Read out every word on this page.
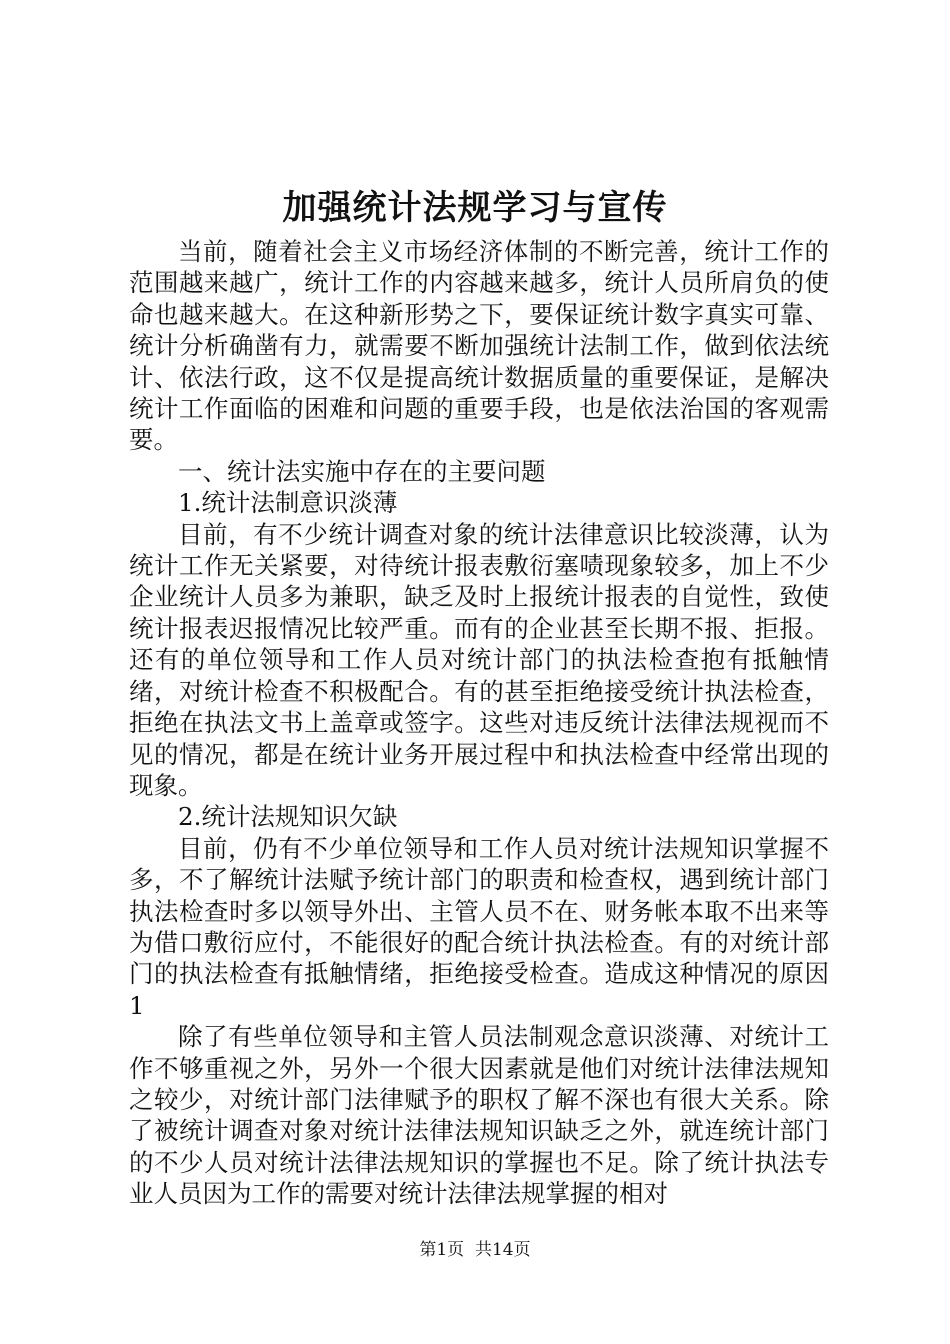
加强统计法规学习与宣传

当前，随着社会主义市场经济体制的不断完善，统计工作的范围越来越广，统计工作的内容越来越多，统计人员所肩负的使命也越来越大。在这种新形势之下，要保证统计数字真实可靠、统计分析确凿有力，就需要不断加强统计法制工作，做到依法统计、依法行政，这不仅是提高统计数据质量的重要保证，是解决统计工作面临的困难和问题的重要手段，也是依法治国的客观需要。

一、统计法实施中存在的主要问题

1.统计法制意识淡薄

目前，有不少统计调查对象的统计法律意识比较淡薄，认为统计工作无关紧要，对待统计报表敷衍塞啧现象较多，加上不少企业统计人员多为兼职，缺乏及时上报统计报表的自觉性，致使统计报表迟报情况比较严重。而有的企业甚至长期不报、拒报。还有的单位领导和工作人员对统计部门的执法检查抱有抵触情绪，对统计检查不积极配合。有的甚至拒绝接受统计执法检查，拒绝在执法文书上盖章或签字。这些对违反统计法律法规视而不见的情况，都是在统计业务开展过程中和执法检查中经常出现的现象。

2.统计法规知识欠缺

目前，仍有不少单位领导和工作人员对统计法规知识掌握不多，不了解统计法赋予统计部门的职责和检查权，遇到统计部门执法检查时多以领导外出、主管人员不在、财务帐本取不出来等为借口敷衍应付，不能很好的配合统计执法检查。有的对统计部门的执法检查有抵触情绪，拒绝接受检查。造成这种情况的原因1

除了有些单位领导和主管人员法制观念意识淡薄、对统计工作不够重视之外，另外一个很大因素就是他们对统计法律法规知之较少，对统计部门法律赋予的职权了解不深也有很大关系。除了被统计调查对象对统计法律法规知识缺乏之外，就连统计部门的不少人员对统计法律法规知识的掌握也不足。除了统计执法专业人员因为工作的需要对统计法律法规掌握的相对

第1页  共14页
